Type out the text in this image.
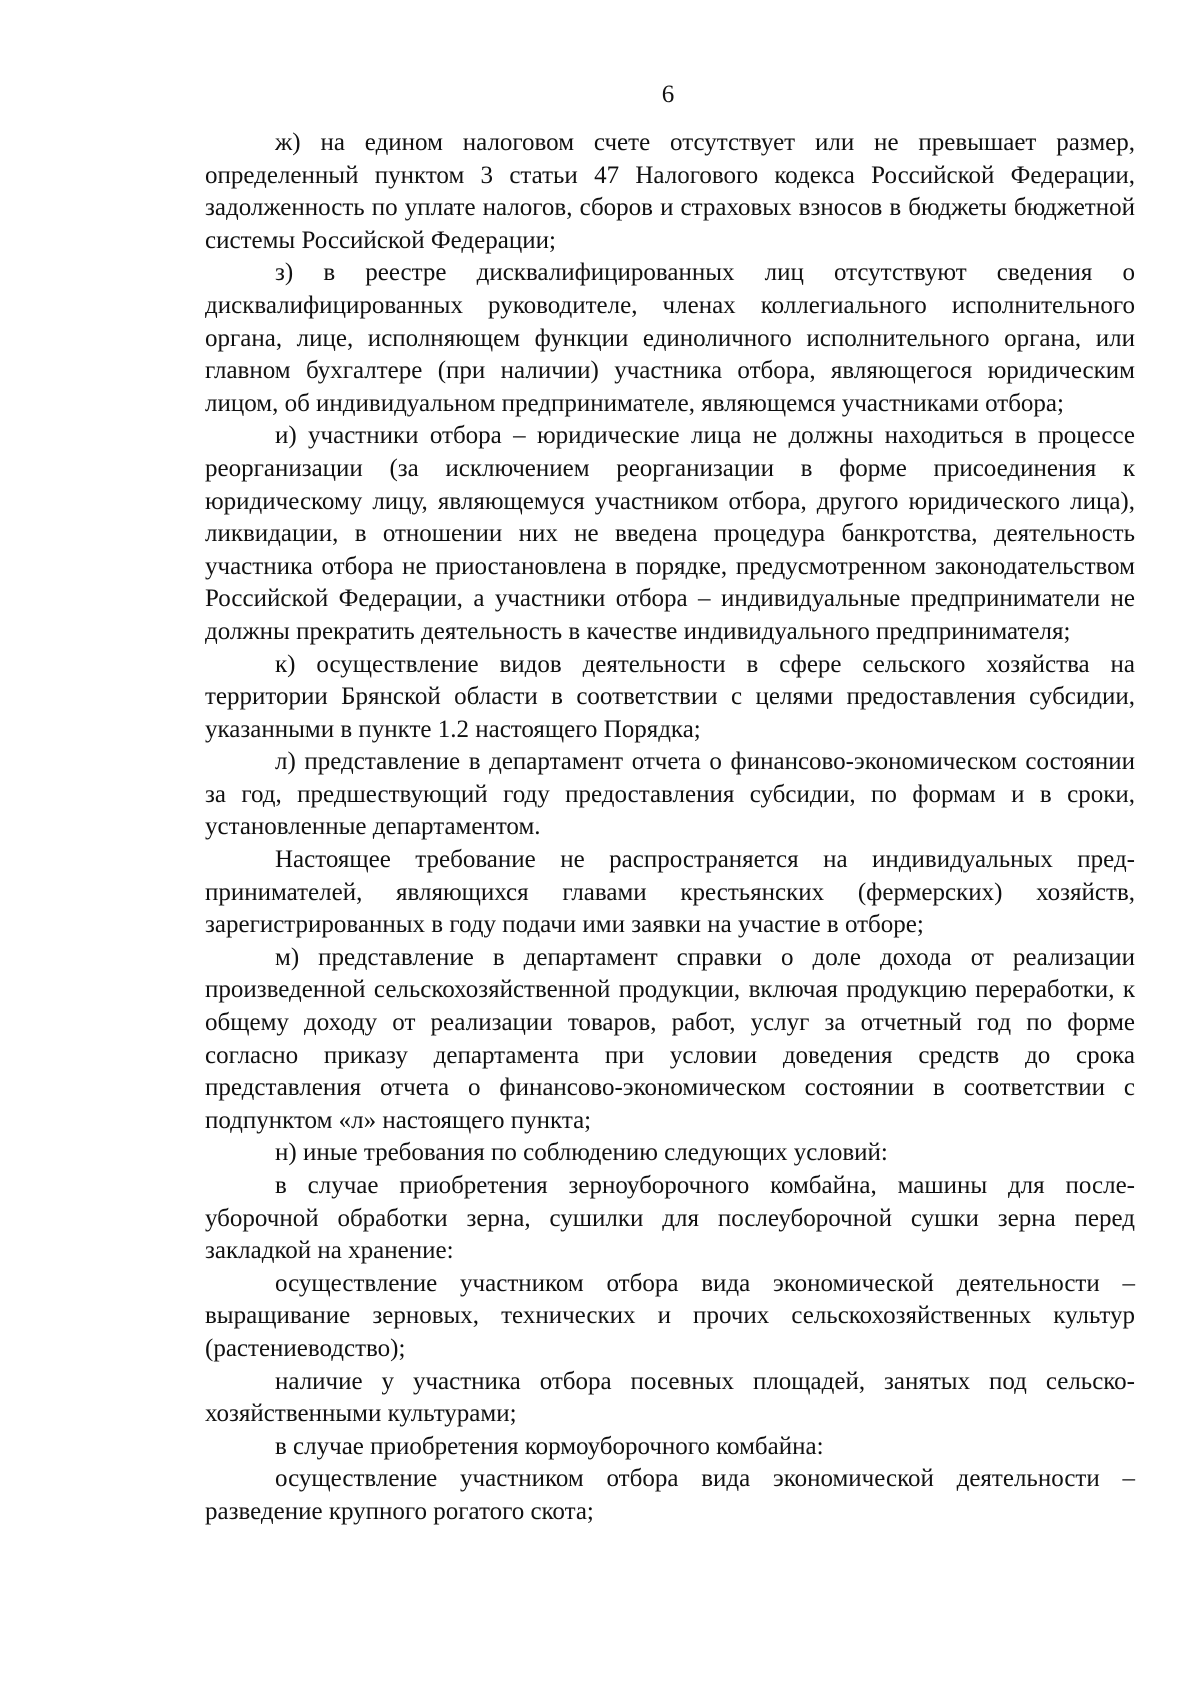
6

ж) на едином налоговом счете отсутствует или не превышает размер, определенный пунктом 3 статьи 47 Налогового кодекса Российской Федерации, задолженность по уплате налогов, сборов и страховых взносов в бюджеты бюджетной системы Российской Федерации;

з) в реестре дисквалифицированных лиц отсутствуют сведения о дисквалифицированных руководителе, членах коллегиального исполнительного органа, лице, исполняющем функции единоличного исполнительного органа, или главном бухгалтере (при наличии) участника отбора, являющегося юридическим лицом, об индивидуальном предпринимателе, являющемся участниками отбора;

и) участники отбора – юридические лица не должны находиться в процессе реорганизации (за исключением реорганизации в форме присоединения к юридическому лицу, являющемуся участником отбора, другого юридического лица), ликвидации, в отношении них не введена процедура банкротства, деятельность участника отбора не приостановлена в порядке, предусмотренном законодательством Российской Федерации, а участники отбора – индивидуальные предприниматели не должны прекратить деятельность в качестве индивидуального предпринимателя;

к) осуществление видов деятельности в сфере сельского хозяйства на территории Брянской области в соответствии с целями предоставления субсидии, указанными в пункте 1.2 настоящего Порядка;

л) представление в департамент отчета о финансово-экономическом состоянии за год, предшествующий году предоставления субсидии, по формам и в сроки, установленные департаментом.

Настоящее требование не распространяется на индивидуальных предпринимателей, являющихся главами крестьянских (фермерских) хозяйств, зарегистрированных в году подачи ими заявки на участие в отборе;

м) представление в департамент справки о доле дохода от реализации произведенной сельскохозяйственной продукции, включая продукцию переработки, к общему доходу от реализации товаров, работ, услуг за отчетный год по форме согласно приказу департамента при условии доведения средств до срока представления отчета о финансово-экономическом состоянии в соответствии с подпунктом «л» настоящего пункта;

н) иные требования по соблюдению следующих условий:

в случае приобретения зерноуборочного комбайна, машины для послеуборочной обработки зерна, сушилки для послеуборочной сушки зерна перед закладкой на хранение:

осуществление участником отбора вида экономической деятельности – выращивание зерновых, технических и прочих сельскохозяйственных культур (растениеводство);

наличие у участника отбора посевных площадей, занятых под сельскохозяйственными культурами;

в случае приобретения кормоуборочного комбайна:

осуществление участником отбора вида экономической деятельности – разведение крупного рогатого скота;
